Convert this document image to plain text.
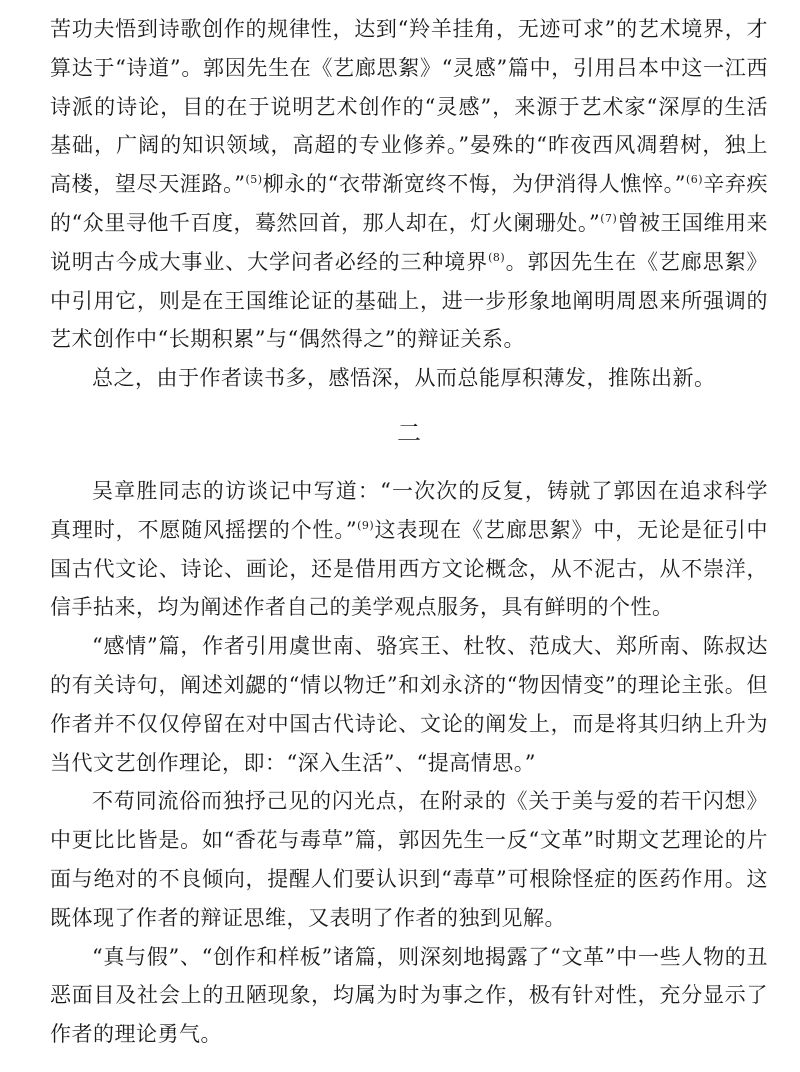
苦功夫悟到诗歌创作的规律性，达到“羚羊挂角，无迹可求”的艺术境界，才算达于“诗道”。郭因先生在《艺廊思絮》“灵感”篇中，引用吕本中这一江西诗派的诗论，目的在于说明艺术创作的“灵感”，来源于艺术家“深厚的生活基础，广阔的知识领域，高超的专业修养。”晏殊的“昨夜西风凋碧树，独上高楼，望尽天涯路。”$^{(5)}$柳永的“衣带渐宽终不悔，为伊消得人憔悴。”$^{(6)}$辛弃疾的“众里寻他千百度，蓦然回首，那人却在，灯火阑珊处。”$^{(7)}$曾被王国维用来说明古今成大事业、大学问者必经的三种境界$^{(8)}$。郭因先生在《艺廊思絮》中引用它，则是在王国维论证的基础上，进一步形象地阐明周恩来所强调的艺术创作中“长期积累”与“偶然得之”的辩证关系。

总之，由于作者读书多，感悟深，从而总能厚积薄发，推陈出新。

二

吴章胜同志的访谈记中写道：“一次次的反复，铸就了郭因在追求科学真理时，不愿随风摇摆的个性。”$^{(9)}$这表现在《艺廊思絮》中，无论是征引中国古代文论、诗论、画论，还是借用西方文论概念，从不泥古，从不崇洋，信手拈来，均为阐述作者自己的美学观点服务，具有鲜明的个性。

“感情”篇，作者引用虞世南、骆宾王、杜牧、范成大、郑所南、陈叔达的有关诗句，阐述刘勰的“情以物迁”和刘永济的“物因情变”的理论主张。但作者并不仅仅停留在对中国古代诗论、文论的阐发上，而是将其归纳上升为当代文艺创作理论，即：“深入生活”、“提高情思。”

不苟同流俗而独抒己见的闪光点，在附录的《关于美与爱的若干闪想》中更比比皆是。如“香花与毒草”篇，郭因先生一反“文革”时期文艺理论的片面与绝对的不良倾向，提醒人们要认识到“毒草”可根除怪症的医药作用。这既体现了作者的辩证思维，又表明了作者的独到见解。

“真与假”、“创作和样板”诸篇，则深刻地揭露了“文革”中一些人物的丑恶面目及社会上的丑陋现象，均属为时为事之作，极有针对性，充分显示了作者的理论勇气。
